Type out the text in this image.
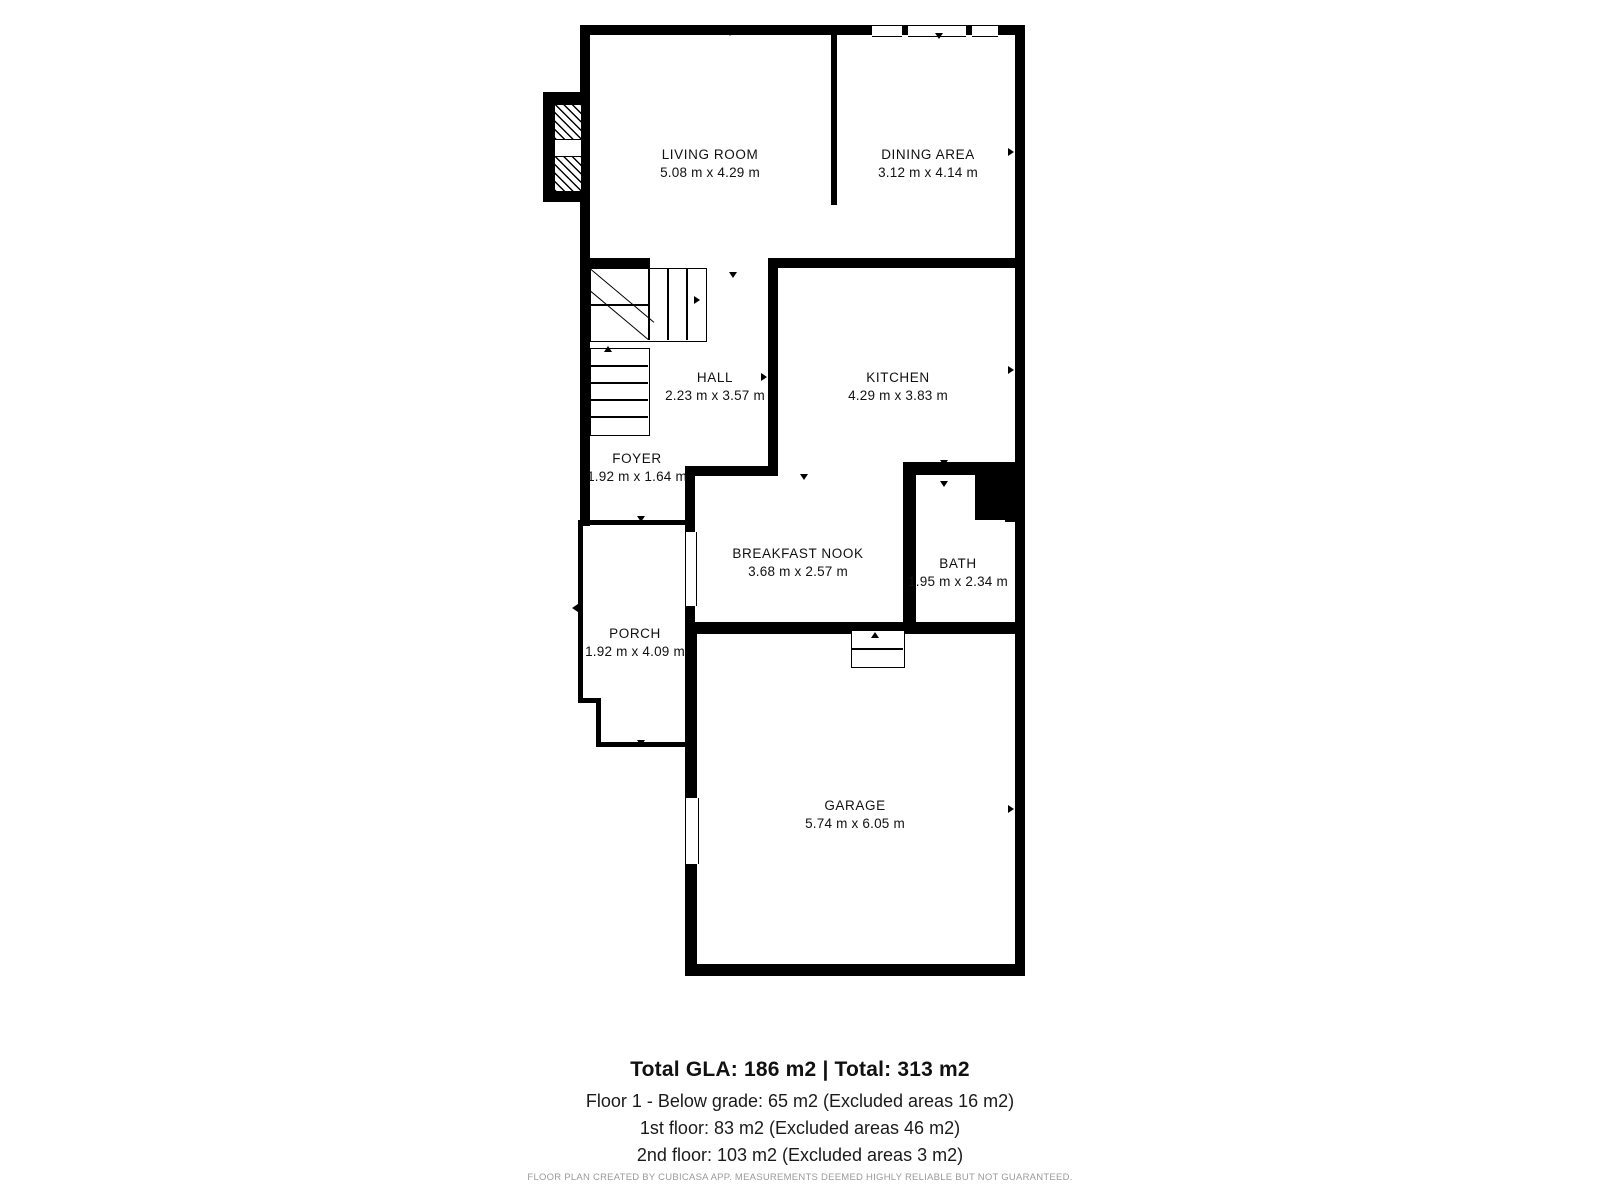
LIVING ROOM
5.08 m x 4.29 m
DINING AREA
3.12 m x 4.14 m
HALL
2.23 m x 3.57 m
KITCHEN
4.29 m x 3.83 m
FOYER
1.92 m x 1.64 m
BREAKFAST NOOK
3.68 m x 2.57 m
BATH
1.95 m x 2.34 m
PORCH
1.92 m x 4.09 m
GARAGE
5.74 m x 6.05 m
Total GLA: 186 m2 | Total: 313 m2
Floor 1 - Below grade: 65 m2 (Excluded areas 16 m2)
1st floor: 83 m2 (Excluded areas 46 m2)
2nd floor: 103 m2 (Excluded areas 3 m2)
FLOOR PLAN CREATED BY CUBICASA APP. MEASUREMENTS DEEMED HIGHLY RELIABLE BUT NOT GUARANTEED.
